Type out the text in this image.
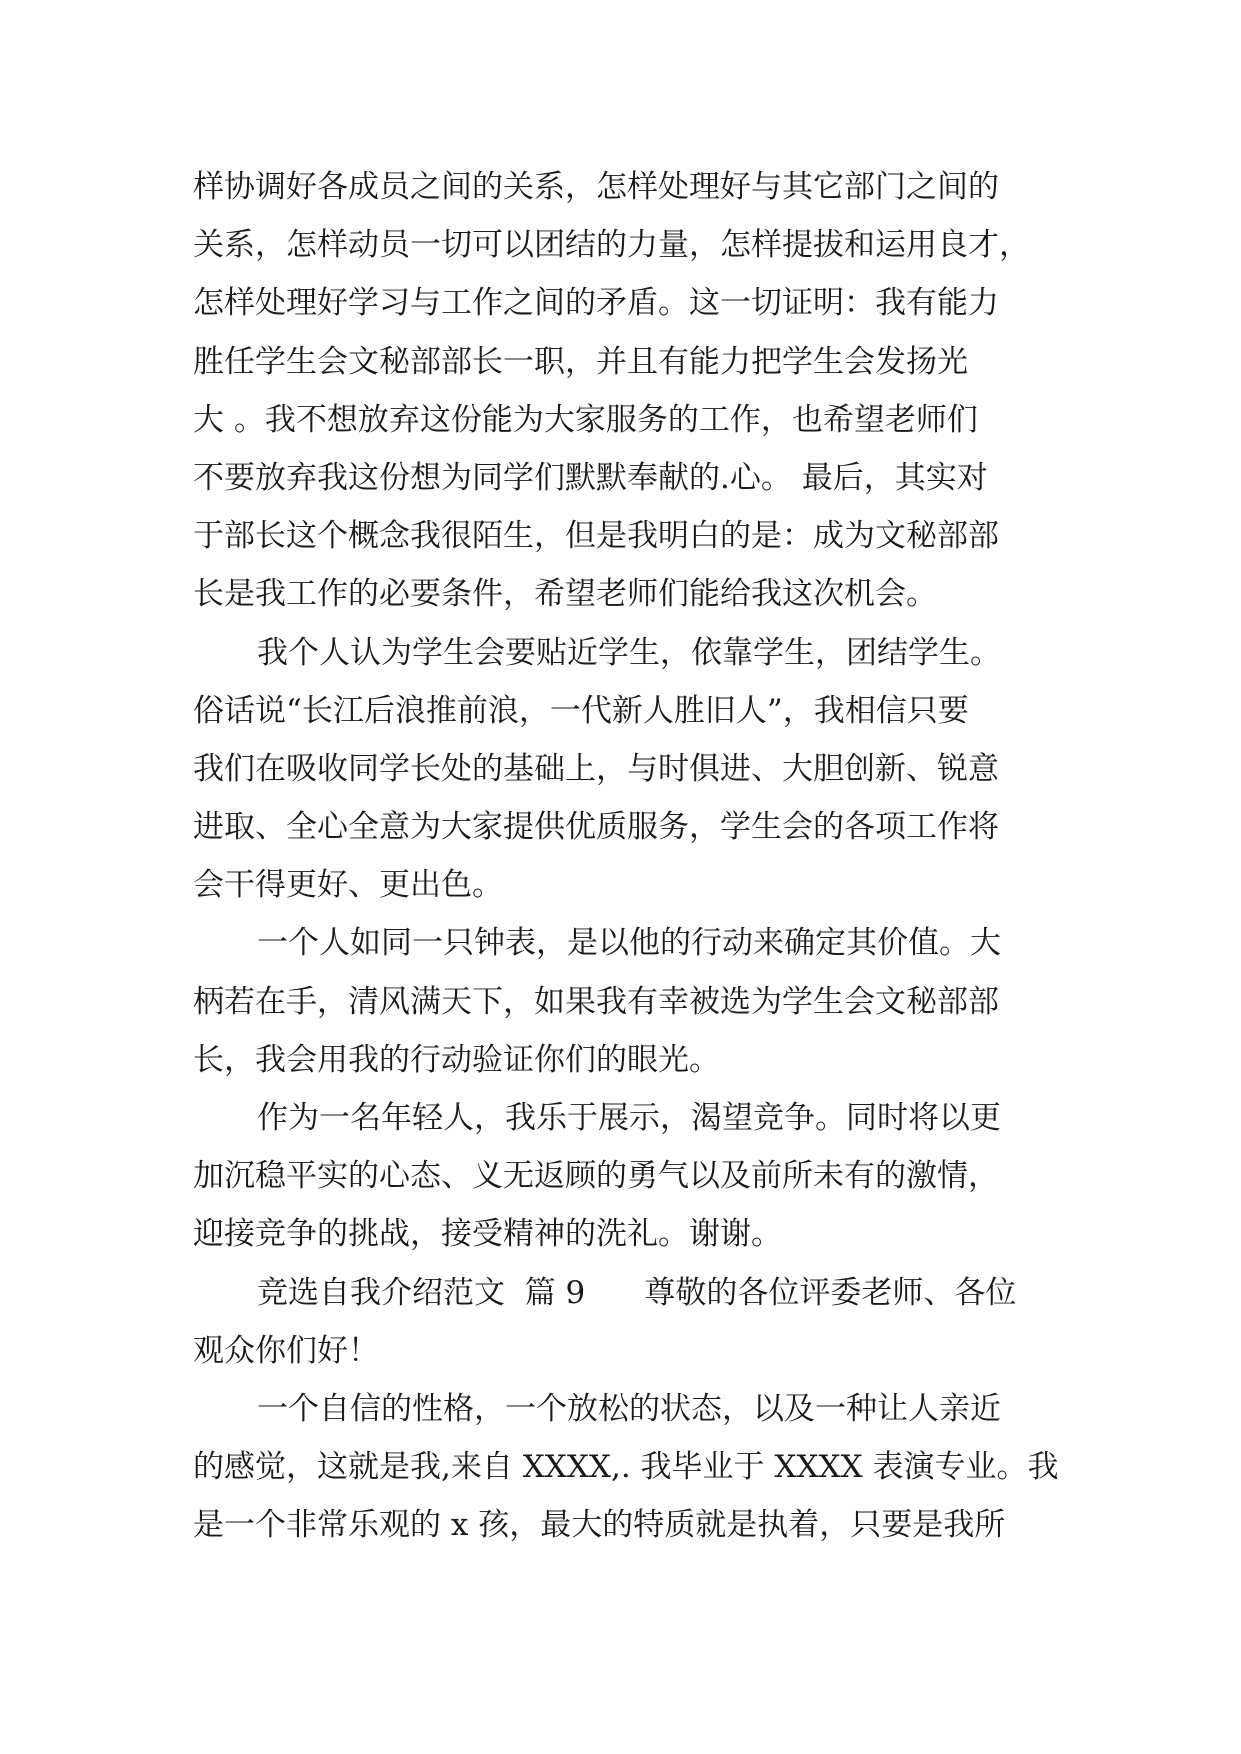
样协调好各成员之间的关系，怎样处理好与其它部门之间的
关系，怎样动员一切可以团结的力量，怎样提拔和运用良才，
怎样处理好学习与工作之间的矛盾。这一切证明：我有能力
胜任学生会文秘部部长一职，并且有能力把学生会发扬光
大 。我不想放弃这份能为大家服务的工作，也希望老师们
不要放弃我这份想为同学们默默奉献的.心。 最后，其实对
于部长这个概念我很陌生，但是我明白的是：成为文秘部部
长是我工作的必要条件，希望老师们能给我这次机会。
我个人认为学生会要贴近学生，依靠学生，团结学生。
俗话说“长江后浪推前浪，一代新人胜旧人”，我相信只要
我们在吸收同学长处的基础上，与时俱进、大胆创新、锐意
进取、全心全意为大家提供优质服务，学生会的各项工作将
会干得更好、更出色。
一个人如同一只钟表，是以他的行动来确定其价值。大
柄若在手，清风满天下，如果我有幸被选为学生会文秘部部
长，我会用我的行动验证你们的眼光。
作为一名年轻人，我乐于展示，渴望竞争。同时将以更
加沉稳平实的心态、义无返顾的勇气以及前所未有的激情，
迎接竞争的挑战，接受精神的洗礼。谢谢。
竞选自我介绍范文  篇 9      尊敬的各位评委老师、各位
观众你们好！
一个自信的性格，一个放松的状态，以及一种让人亲近
的感觉，这就是我,来自 XXXX,. 我毕业于 XXXX 表演专业。我
是一个非常乐观的 x 孩，最大的特质就是执着，只要是我所
